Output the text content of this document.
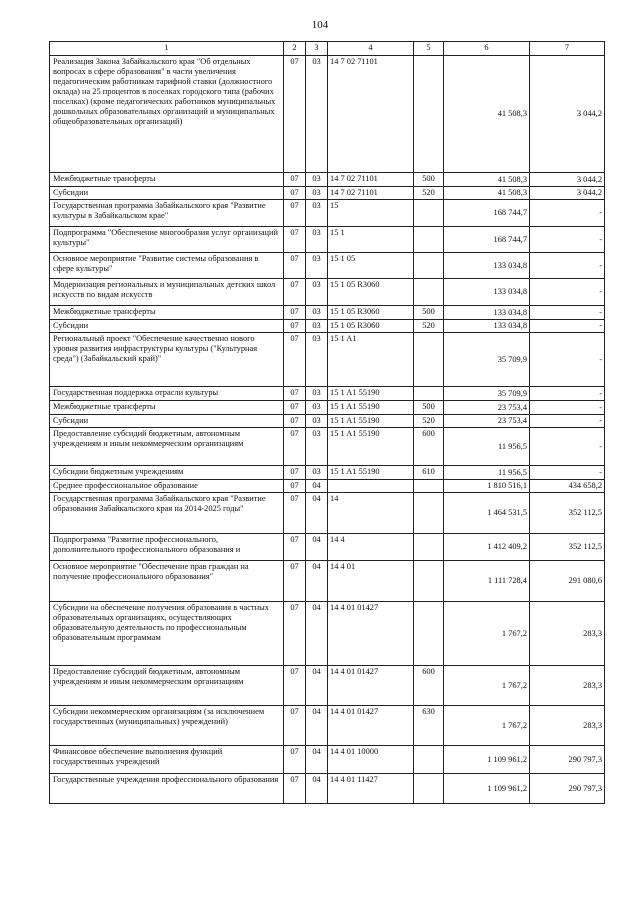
104
1	2	3	4	5	6	7
Реализация Закона Забайкальского края "Об отдельных вопросах в сфере образования" в части увеличения педагогическим работникам тарифной ставки (должностного оклада) на 25 процентов в поселках городского типа (рабочих поселках) (кроме педагогических работников муниципальных дошкольных образовательных организаций и муниципальных общеобразовательных организаций)	07	03	14 7 02 71101		41 508,3	3 044,2
Межбюджетные трансферты	07	03	14 7 02 71101	500	41 508,3	3 044,2
Субсидии	07	03	14 7 02 71101	520	41 508,3	3 044,2
Государственная программа Забайкальского края "Развитие культуры в Забайкальском крае"	07	03	15		168 744,7	-
Подпрограмма "Обеспечение многообразия услуг организаций культуры"	07	03	15 1		168 744,7	-
Основное мероприятие "Развитие системы образования в сфере культуры"	07	03	15 1 05		133 034,8	-
Модернизация региональных и муниципальных детских школ искусств по видам искусств	07	03	15 1 05 R3060		133 034,8	-
Межбюджетные трансферты	07	03	15 1 05 R3060	500	133 034,8	-
Субсидии	07	03	15 1 05 R3060	520	133 034,8	-
Региональный проект "Обеспечение качественно нового уровня развития инфраструктуры культуры ("Культурная среда") (Забайкальский край)"	07	03	15 1 A1		35 709,9	-
Государственная поддержка отрасли культуры	07	03	15 1 A1 55190		35 709,9	-
Межбюджетные трансферты	07	03	15 1 A1 55190	500	23 753,4	-
Субсидии	07	03	15 1 A1 55190	520	23 753,4	-
Предоставление субсидий бюджетным, автономным учреждениям и иным некоммерческим организациям	07	03	15 1 A1 55190	600	11 956,5	-
Субсидии бюджетным учреждениям	07	03	15 1 A1 55190	610	11 956,5	-
Среднее профессиональное образование	07	04			1 810 516,1	434 658,2
Государственная программа Забайкальского края "Развитие образования Забайкальского края на 2014-2025 годы"	07	04	14		1 464 531,5	352 112,5
Подпрограмма "Развитие профессионального, дополнительного профессионального образования и	07	04	14 4		1 412 409,2	352 112,5
Основное мероприятие "Обеспечение прав граждан на получение профессионального образования"	07	04	14 4 01		1 111 728,4	291 080,6
Субсидии на обеспечение получения образования в частных образовательных организациях, осуществляющих образовательную деятельность по профессиональным образовательным программам	07	04	14 4 01 01427		1 767,2	283,3
Предоставление субсидий бюджетным, автономным учреждениям и иным некоммерческим организациям	07	04	14 4 01 01427	600	1 767,2	283,3
Субсидии некоммерческим организациям (за исключением государственных (муниципальных) учреждений)	07	04	14 4 01 01427	630	1 767,2	283,3
Финансовое обеспечение выполнения функций государственных учреждений	07	04	14 4 01 10000		1 109 961,2	290 797,3
Государственные учреждения профессионального образования	07	04	14 4 01 11427		1 109 961,2	290 797,3
